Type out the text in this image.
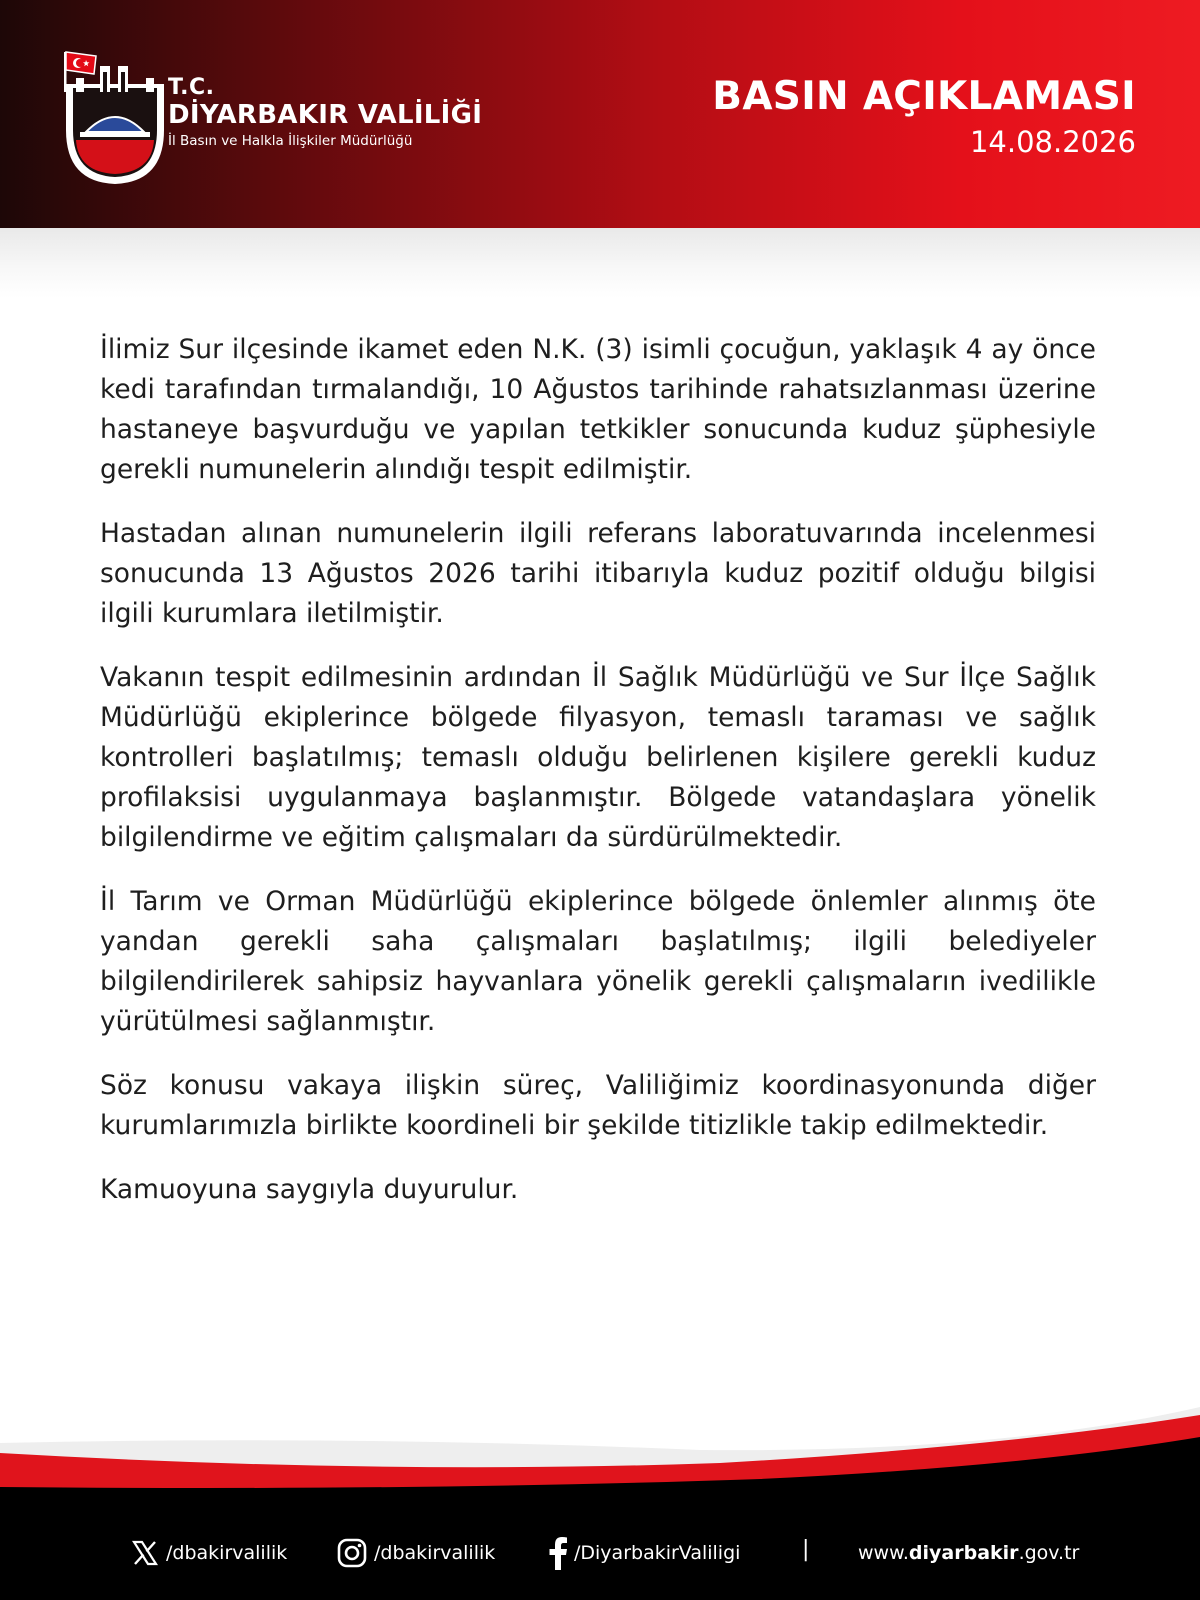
T.C.
DİYARBAKIR VALİLİĞİ
İl Basın ve Halkla İlişkiler Müdürlüğü
BASIN AÇIKLAMASI
14.08.2026

İlimiz Sur ilçesinde ikamet eden N.K. (3) isimli çocuğun, yaklaşık 4 ay önce kedi tarafından tırmalandığı, 10 Ağustos tarihinde rahatsızlanması üzerine hastaneye başvurduğu ve yapılan tetkikler sonucunda kuduz şüphesiyle gerekli numunelerin alındığı tespit edilmiştir.

Hastadan alınan numunelerin ilgili referans laboratuvarında incelenmesi sonucunda 13 Ağustos 2026 tarihi itibarıyla kuduz pozitif olduğu bilgisi ilgili kurumlara iletilmiştir.

Vakanın tespit edilmesinin ardından İl Sağlık Müdürlüğü ve Sur İlçe Sağlık Müdürlüğü ekiplerince bölgede filyasyon, temaslı taraması ve sağlık kontrolleri başlatılmış; temaslı olduğu belirlenen kişilere gerekli kuduz profilaksisi uygulanmaya başlanmıştır. Bölgede vatandaşlara yönelik bilgilendirme ve eğitim çalışmaları da sürdürülmektedir.

İl Tarım ve Orman Müdürlüğü ekiplerince bölgede önlemler alınmış öte yandan gerekli saha çalışmaları başlatılmış; ilgili belediyeler bilgilendirilerek sahipsiz hayvanlara yönelik gerekli çalışmaların ivedilikle yürütülmesi sağlanmıştır.

Söz konusu vakaya ilişkin süreç, Valiliğimiz koordinasyonunda diğer kurumlarımızla birlikte koordineli bir şekilde titizlikle takip edilmektedir.

Kamuoyuna saygıyla duyurulur.

/dbakirvalilik	/dbakirvalilik	/DiyarbakirValiligi	|	www. diyarbakir .gov.tr
